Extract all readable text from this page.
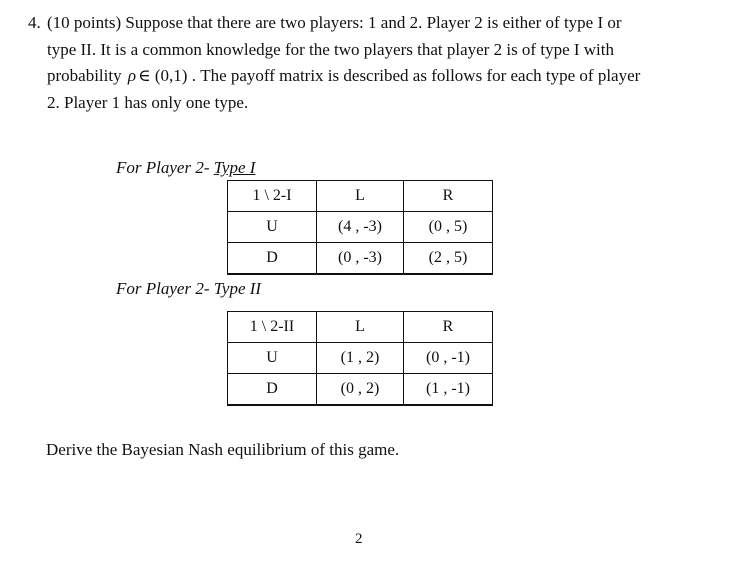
4. (10 points) Suppose that there are two players: 1 and 2. Player 2 is either of type I or
type II. It is a common knowledge for the two players that player 2 is of type I with
probability ρ ∈ (0,1) . The payoff matrix is described as follows for each type of player
2. Player 1 has only one type.
For Player 2- Type I
1 \ 2-I	L	R
U	(4 , -3)	(0 , 5)
D	(0 , -3)	(2 , 5)
For Player 2- Type II
1 \ 2-II	L	R
U	(1 , 2)	(0 , -1)
D	(0 , 2)	(1 , -1)
Derive the Bayesian Nash equilibrium of this game.
2
